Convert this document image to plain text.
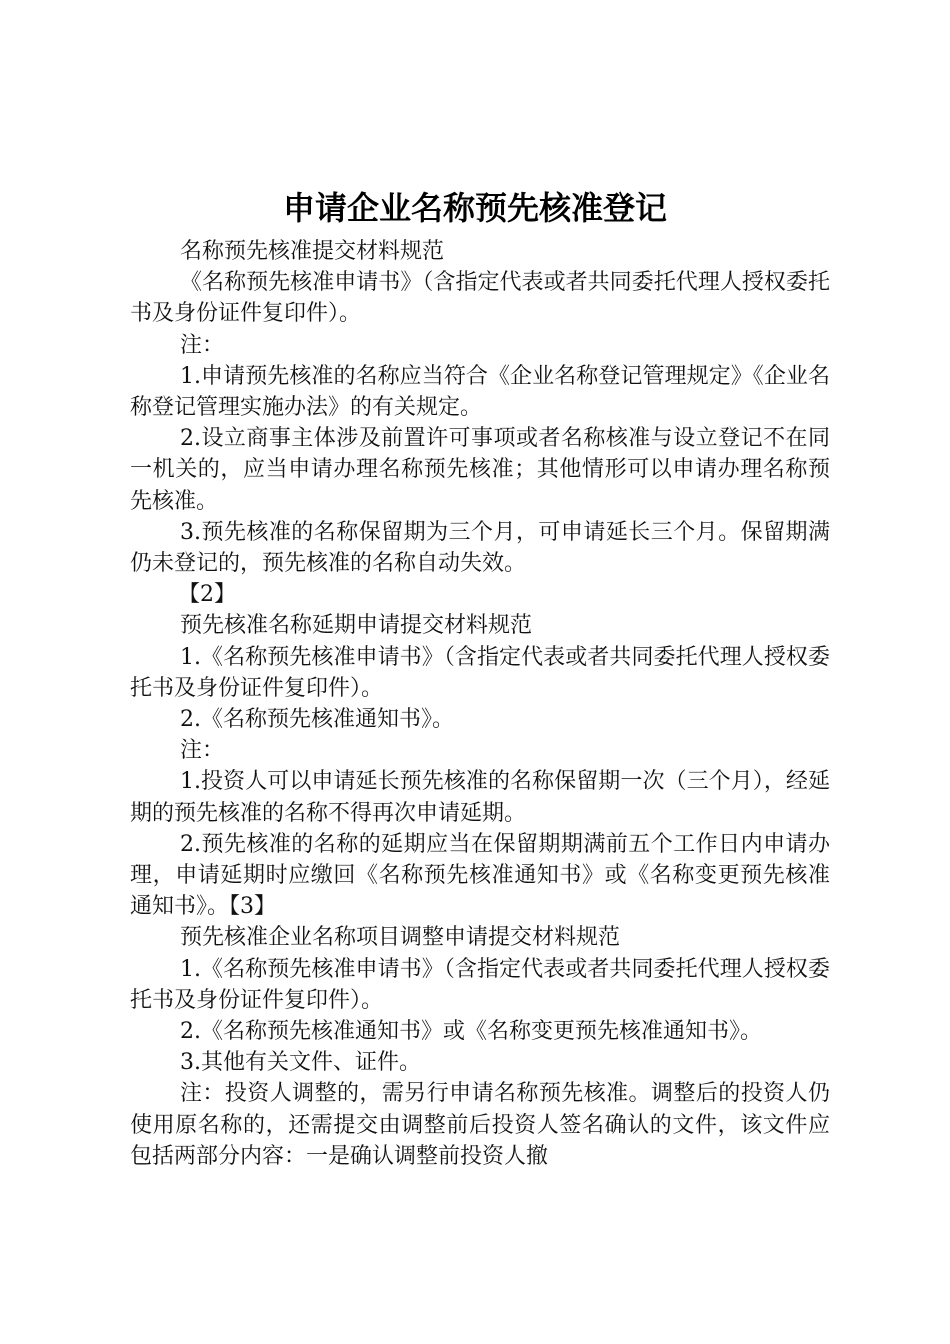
申请企业名称预先核准登记

名称预先核准提交材料规范

《名称预先核准申请书》（含指定代表或者共同委托代理人授权委托书及身份证件复印件）。

注：

1.申请预先核准的名称应当符合《企业名称登记管理规定》《企业名称登记管理实施办法》的有关规定。

2.设立商事主体涉及前置许可事项或者名称核准与设立登记不在同一机关的，应当申请办理名称预先核准；其他情形可以申请办理名称预先核准。

3.预先核准的名称保留期为三个月，可申请延长三个月。保留期满仍未登记的，预先核准的名称自动失效。

【2】

预先核准名称延期申请提交材料规范

1.《名称预先核准申请书》（含指定代表或者共同委托代理人授权委托书及身份证件复印件）。

2.《名称预先核准通知书》。

注：

1.投资人可以申请延长预先核准的名称保留期一次（三个月），经延期的预先核准的名称不得再次申请延期。

2.预先核准的名称的延期应当在保留期期满前五个工作日内申请办理，申请延期时应缴回《名称预先核准通知书》或《名称变更预先核准通知书》。【3】

预先核准企业名称项目调整申请提交材料规范

1.《名称预先核准申请书》（含指定代表或者共同委托代理人授权委托书及身份证件复印件）。

2.《名称预先核准通知书》或《名称变更预先核准通知书》。

3.其他有关文件、证件。

注：投资人调整的，需另行申请名称预先核准。调整后的投资人仍使用原名称的，还需提交由调整前后投资人签名确认的文件，该文件应包括两部分内容：一是确认调整前投资人撤
